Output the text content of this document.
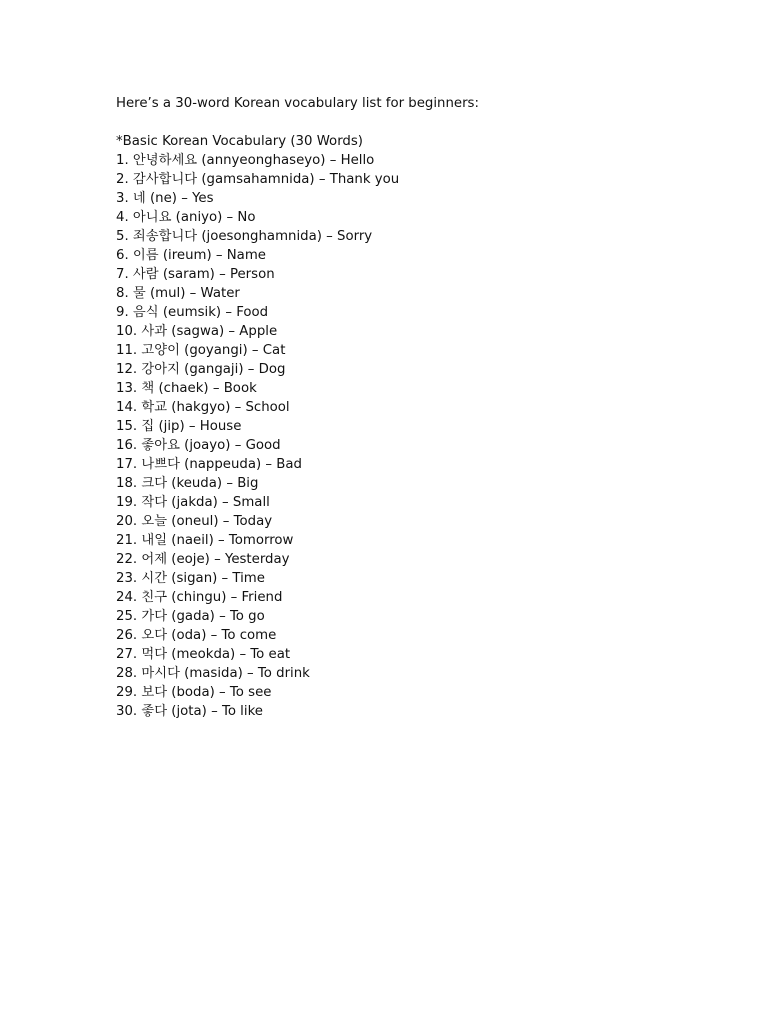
Here’s a 30-word Korean vocabulary list for beginners:

*Basic Korean Vocabulary (30 Words)

1. 안녕하세요 (annyeonghaseyo) – Hello

2. 감사합니다 (gamsahamnida) – Thank you

3. 네 (ne) – Yes

4. 아니요 (aniyo) – No

5. 죄송합니다 (joesonghamnida) – Sorry

6. 이름 (ireum) – Name

7. 사람 (saram) – Person

8. 물 (mul) – Water

9. 음식 (eumsik) – Food

10. 사과 (sagwa) – Apple

11. 고양이 (goyangi) – Cat

12. 강아지 (gangaji) – Dog

13. 책 (chaek) – Book

14. 학교 (hakgyo) – School

15. 집 (jip) – House

16. 좋아요 (joayo) – Good

17. 나쁘다 (nappeuda) – Bad

18. 크다 (keuda) – Big

19. 작다 (jakda) – Small

20. 오늘 (oneul) – Today

21. 내일 (naeil) – Tomorrow

22. 어제 (eoje) – Yesterday

23. 시간 (sigan) – Time

24. 친구 (chingu) – Friend

25. 가다 (gada) – To go

26. 오다 (oda) – To come

27. 먹다 (meokda) – To eat

28. 마시다 (masida) – To drink

29. 보다 (boda) – To see

30. 좋다 (jota) – To like
